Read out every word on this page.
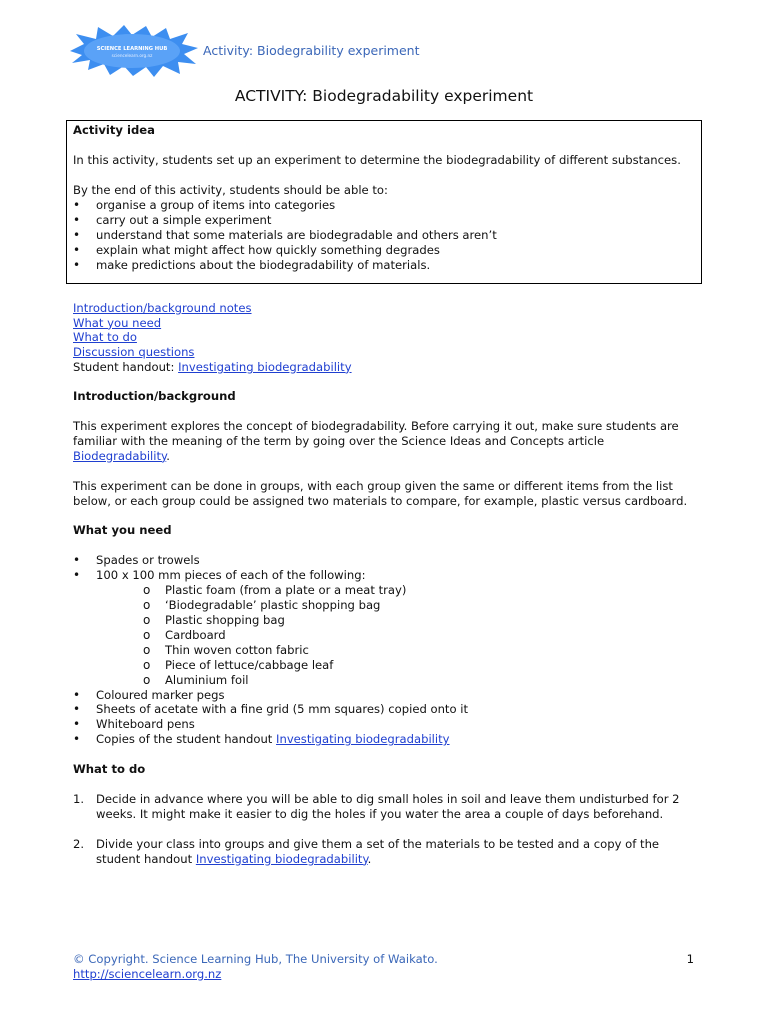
SCIENCE LEARNING HUB
sciencelearn.org.nz	Activity: Biodegrability experiment
ACTIVITY: Biodegradability experiment

Activity idea

In this activity, students set up an experiment to determine the biodegradability of different substances.

By the end of this activity, students should be able to:

• organise a group of items into categories
• carry out a simple experiment
• understand that some materials are biodegradable and others aren’t
• explain what might affect how quickly something degrades
• make predictions about the biodegradability of materials.
Introduction/background notes
What you need
What to do
Discussion questions
Student handout: Investigating biodegradability

Introduction/background

This experiment explores the concept of biodegradability. Before carrying it out, make sure students are familiar with the meaning of the term by going over the Science Ideas and Concepts article Biodegradability.

This experiment can be done in groups, with each group given the same or different items from the list below, or each group could be assigned two materials to compare, for example, plastic versus cardboard.

What you need

• Spades or trowels
• 100 x 100 mm pieces of each of the following:
o Plastic foam (from a plate or a meat tray)
o ‘Biodegradable’ plastic shopping bag
o Plastic shopping bag
o Cardboard
o Thin woven cotton fabric
o Piece of lettuce/cabbage leaf
o Aluminium foil
• Coloured marker pegs
• Sheets of acetate with a fine grid (5 mm squares) copied onto it
• Whiteboard pens
• Copies of the student handout Investigating biodegradability

What to do

1. Decide in advance where you will be able to dig small holes in soil and leave them undisturbed for 2 weeks. It might make it easier to dig the holes if you water the area a couple of days beforehand.
2. Divide your class into groups and give them a set of the materials to be tested and a copy of the student handout Investigating biodegradability.
© Copyright. Science Learning Hub, The University of Waikato.
http://sciencelearn.org.nz
1
